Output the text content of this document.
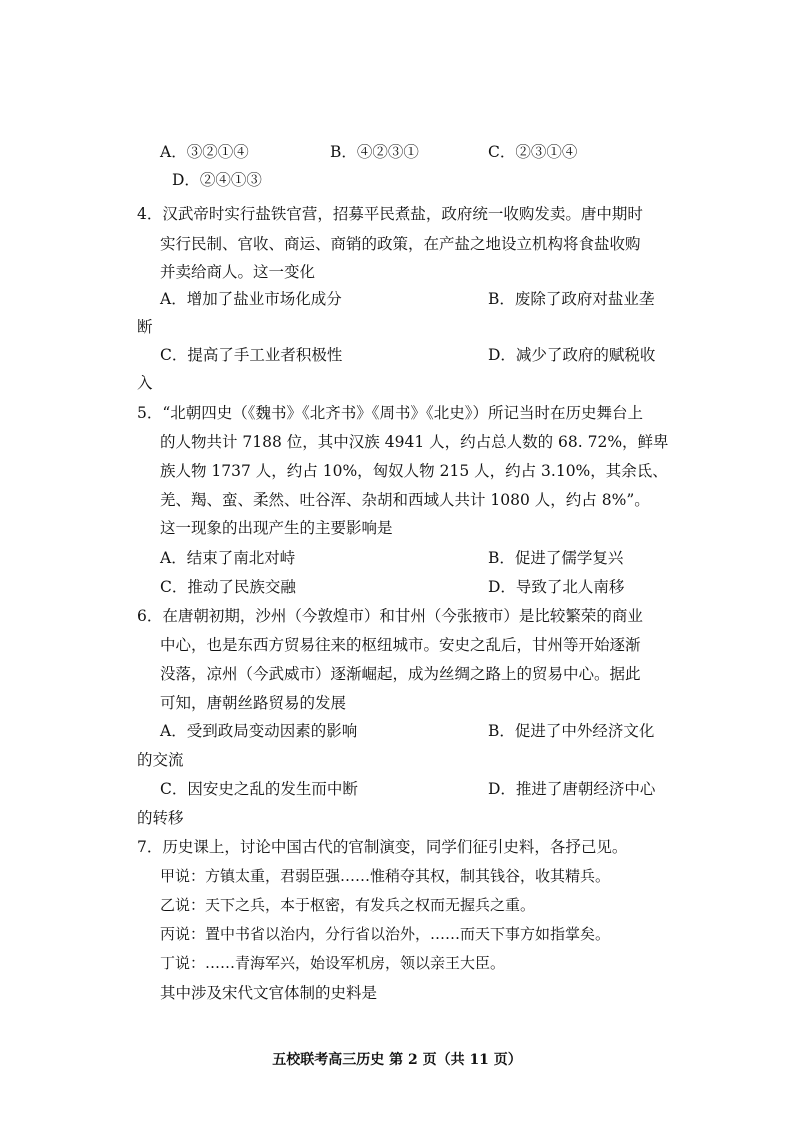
A．③②①④	B．④②③①	C．②③①④
D．②④①③
4．汉武帝时实行盐铁官营，招募平民煮盐，政府统一收购发卖。唐中期时
实行民制、官收、商运、商销的政策，在产盐之地设立机构将食盐收购
并卖给商人。这一变化
A．增加了盐业市场化成分	B．废除了政府对盐业垄
断
C．提高了手工业者积极性	D．减少了政府的赋税收
入
5．“北朝四史（《魏书》《北齐书》《周书》《北史》）所记当时在历史舞台上
的人物共计 7188 位，其中汉族 4941 人，约占总人数的 68. 72%，鲜卑
族人物 1737 人，约占 10%，匈奴人物 215 人，约占 3.10%，其余氐、
羌、羯、蛮、柔然、吐谷浑、杂胡和西域人共计 1080 人，约占 8%”。
这一现象的出现产生的主要影响是
A．结束了南北对峙	B．促进了儒学复兴
C．推动了民族交融	D．导致了北人南移
6．在唐朝初期，沙州（今敦煌市）和甘州（今张掖市）是比较繁荣的商业
中心，也是东西方贸易往来的枢纽城市。安史之乱后，甘州等开始逐渐
没落，凉州（今武威市）逐渐崛起，成为丝绸之路上的贸易中心。据此
可知，唐朝丝路贸易的发展
A．受到政局变动因素的影响	B．促进了中外经济文化
的交流
C．因安史之乱的发生而中断	D．推进了唐朝经济中心
的转移
7．历史课上，讨论中国古代的官制演变，同学们征引史料，各抒己见。
甲说：方镇太重，君弱臣强……惟稍夺其权，制其钱谷，收其精兵。
乙说：天下之兵，本于枢密，有发兵之权而无握兵之重。
丙说：置中书省以治内，分行省以治外，……而天下事方如指掌矣。
丁说：……青海军兴，始设军机房，领以亲王大臣。
其中涉及宋代文官体制的史料是
五校联考高三历史 第 2 页（共 11 页）
